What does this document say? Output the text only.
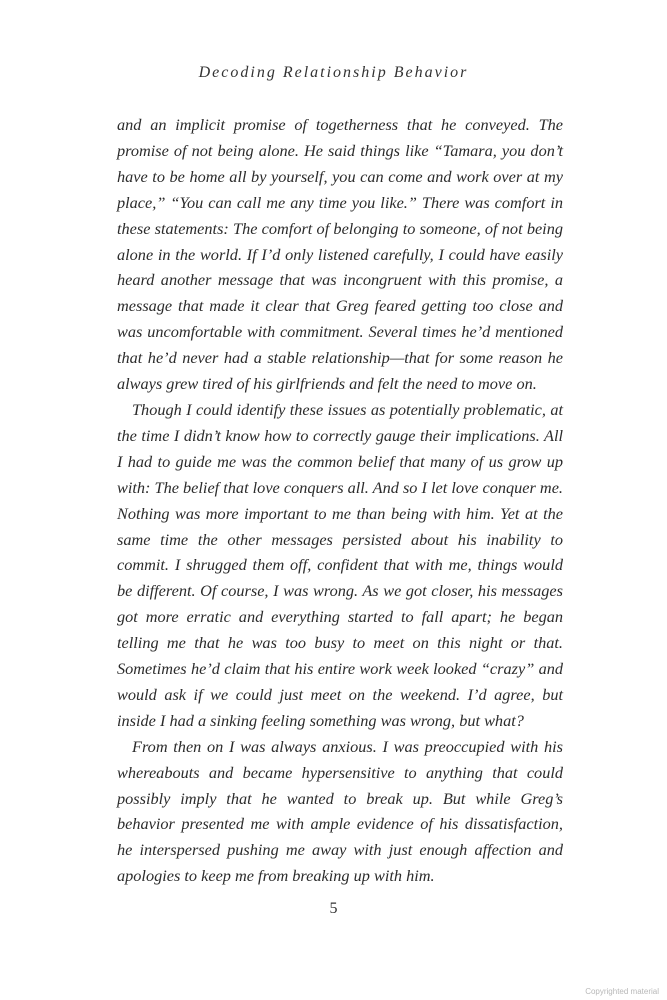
Decoding Relationship Behavior

and an implicit promise of togetherness that he conveyed. The promise of not being alone. He said things like “Tamara, you don’t have to be home all by yourself, you can come and work over at my place,” “You can call me any time you like.” There was comfort in these statements: The comfort of belonging to someone, of not being alone in the world. If I’d only listened carefully, I could have easily heard another message that was incongruent with this promise, a message that made it clear that Greg feared getting too close and was uncomfortable with commitment. Several times he’d mentioned that he’d never had a stable relationship—that for some reason he always grew tired of his girlfriends and felt the need to move on.

Though I could identify these issues as potentially problematic, at the time I didn’t know how to correctly gauge their implications. All I had to guide me was the common belief that many of us grow up with: The belief that love conquers all. And so I let love conquer me. Nothing was more important to me than being with him. Yet at the same time the other messages persisted about his inability to commit. I shrugged them off, confident that with me, things would be different. Of course, I was wrong. As we got closer, his messages got more erratic and everything started to fall apart; he began telling me that he was too busy to meet on this night or that. Sometimes he’d claim that his entire work week looked “crazy” and would ask if we could just meet on the weekend. I’d agree, but inside I had a sinking feeling something was wrong, but what?

From then on I was always anxious. I was preoccupied with his whereabouts and became hypersensitive to anything that could possibly imply that he wanted to break up. But while Greg’s behavior presented me with ample evidence of his dissatisfaction, he interspersed pushing me away with just enough affection and apologies to keep me from breaking up with him.

5
Copyrighted material
